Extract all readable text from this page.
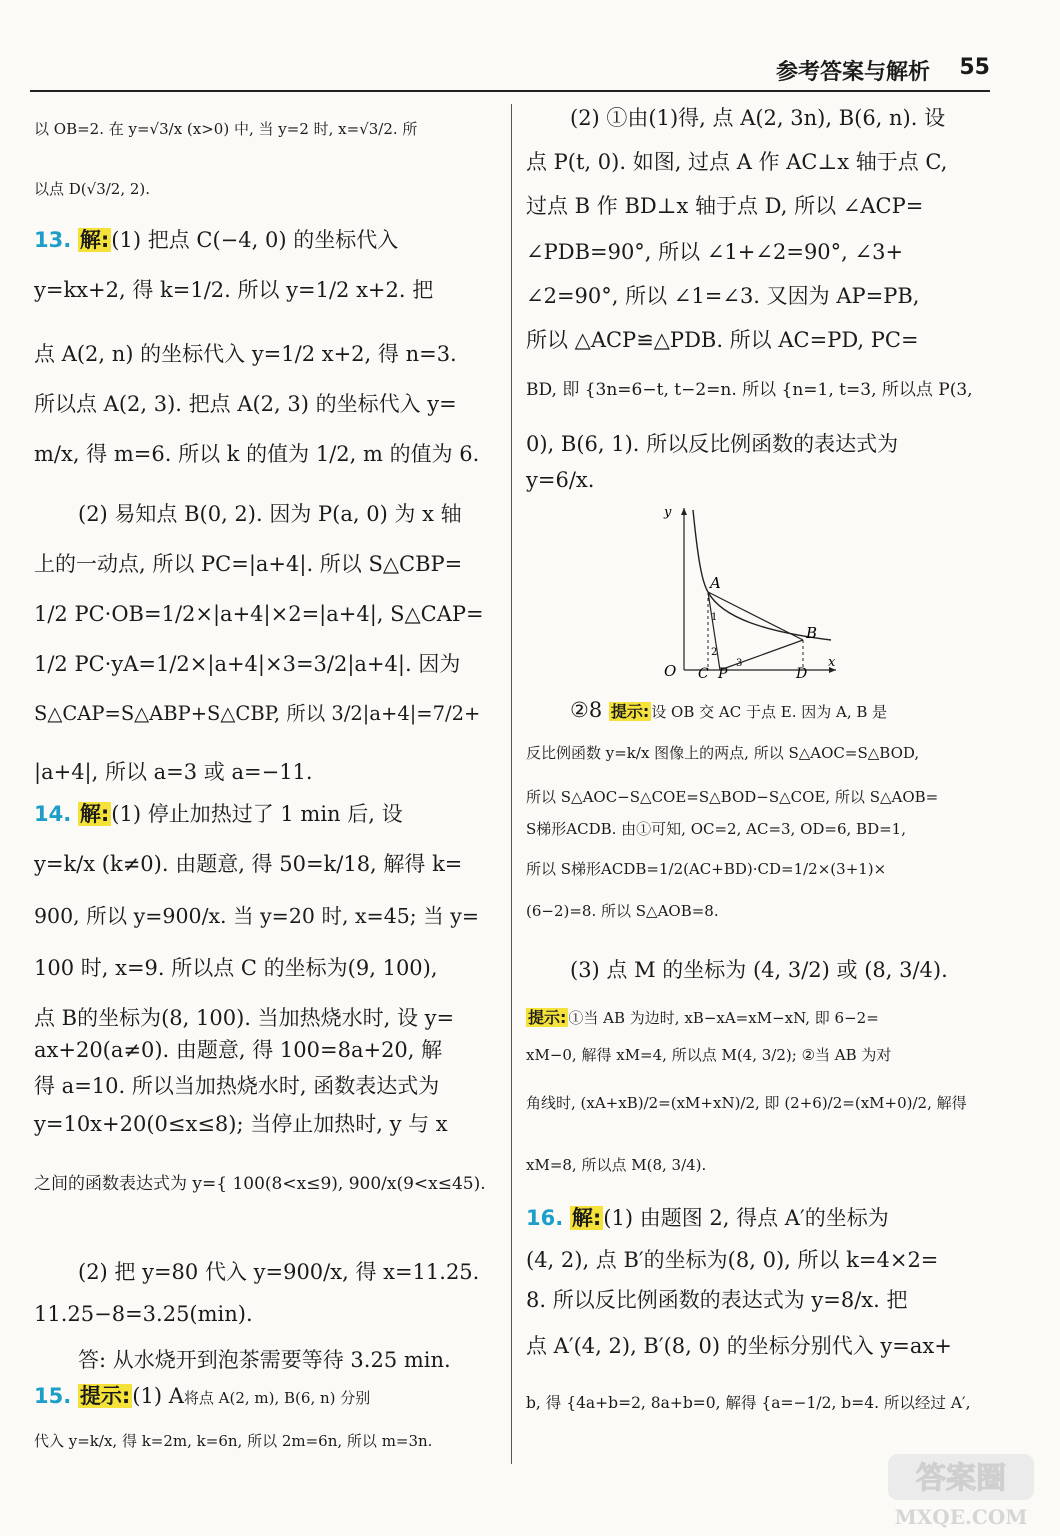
参考答案与解析 55
以 OB=2. 在 y=√3/x (x>0) 中, 当 y=2 时, x=√3/2. 所
以点 D(√3/2, 2).
13. 解:(1) 把点 C(−4, 0) 的坐标代入
y=kx+2, 得 k=1/2. 所以 y=1/2 x+2. 把
点 A(2, n) 的坐标代入 y=1/2 x+2, 得 n=3.
所以点 A(2, 3). 把点 A(2, 3) 的坐标代入 y=
m/x, 得 m=6. 所以 k 的值为 1/2, m 的值为 6.
(2) 易知点 B(0, 2). 因为 P(a, 0) 为 x 轴
上的一动点, 所以 PC=|a+4|. 所以 S△CBP=
1/2 PC·OB=1/2×|a+4|×2=|a+4|, S△CAP=
1/2 PC·yA=1/2×|a+4|×3=3/2|a+4|. 因为
S△CAP=S△ABP+S△CBP, 所以 3/2|a+4|=7/2+
|a+4|, 所以 a=3 或 a=−11.
14. 解:(1) 停止加热过了 1 min 后, 设
y=k/x (k≠0). 由题意, 得 50=k/18, 解得 k=
900, 所以 y=900/x. 当 y=20 时, x=45; 当 y=
100 时, x=9. 所以点 C 的坐标为(9, 100),
点 B的坐标为(8, 100). 当加热烧水时, 设 y=
ax+20(a≠0). 由题意, 得 100=8a+20, 解
得 a=10. 所以当加热烧水时, 函数表达式为
y=10x+20(0≤x≤8); 当停止加热时, y 与 x
之间的函数表达式为 y={ 100(8<x≤9), 900/x(9<x≤45).
(2) 把 y=80 代入 y=900/x, 得 x=11.25.
11.25−8=3.25(min).
答: 从水烧开到泡茶需要等待 3.25 min.
15. 提示:(1) A将点 A(2, m), B(6, n) 分别
代入 y=k/x, 得 k=2m, k=6n, 所以 2m=6n, 所以 m=3n.
(2) ①由(1)得, 点 A(2, 3n), B(6, n). 设
点 P(t, 0). 如图, 过点 A 作 AC⊥x 轴于点 C,
过点 B 作 BD⊥x 轴于点 D, 所以 ∠ACP=
∠PDB=90°, 所以 ∠1+∠2=90°, ∠3+
∠2=90°, 所以 ∠1=∠3. 又因为 AP=PB,
所以 △ACP≌△PDB. 所以 AC=PD, PC=
BD, 即 {3n=6−t, t−2=n. 所以 {n=1, t=3, 所以点 P(3,
0), B(6, 1). 所以反比例函数的表达式为
y=6/x.
②8 提示: 设 OB 交 AC 于点 E. 因为 A, B 是
反比例函数 y=k/x 图像上的两点, 所以 S△AOC=S△BOD,
所以 S△AOC−S△COE=S△BOD−S△COE, 所以 S△AOB=
S梯形ACDB. 由①可知, OC=2, AC=3, OD=6, BD=1,
所以 S梯形ACDB=1/2(AC+BD)·CD=1/2×(3+1)×
(6−2)=8. 所以 S△AOB=8.
(3) 点 M 的坐标为 (4, 3/2) 或 (8, 3/4).
提示: ①当 AB 为边时, xB−xA=xM−xN, 即 6−2=
xM−0, 解得 xM=4, 所以点 M(4, 3/2); ②当 AB 为对
角线时, (xA+xB)/2=(xM+xN)/2, 即 (2+6)/2=(xM+0)/2, 解得
xM=8, 所以点 M(8, 3/4).
16. 解:(1) 由题图 2, 得点 A′的坐标为
(4, 2), 点 B′的坐标为(8, 0), 所以 k=4×2=
8. 所以反比例函数的表达式为 y=8/x. 把
点 A′(4, 2), B′(8, 0) 的坐标分别代入 y=ax+
b, 得 {4a+b=2, 8a+b=0, 解得 {a=−1/2, b=4. 所以经过 A′,
y
x
O
A
B
C P	D
1
2
3
答案圈
MXQE.COM
